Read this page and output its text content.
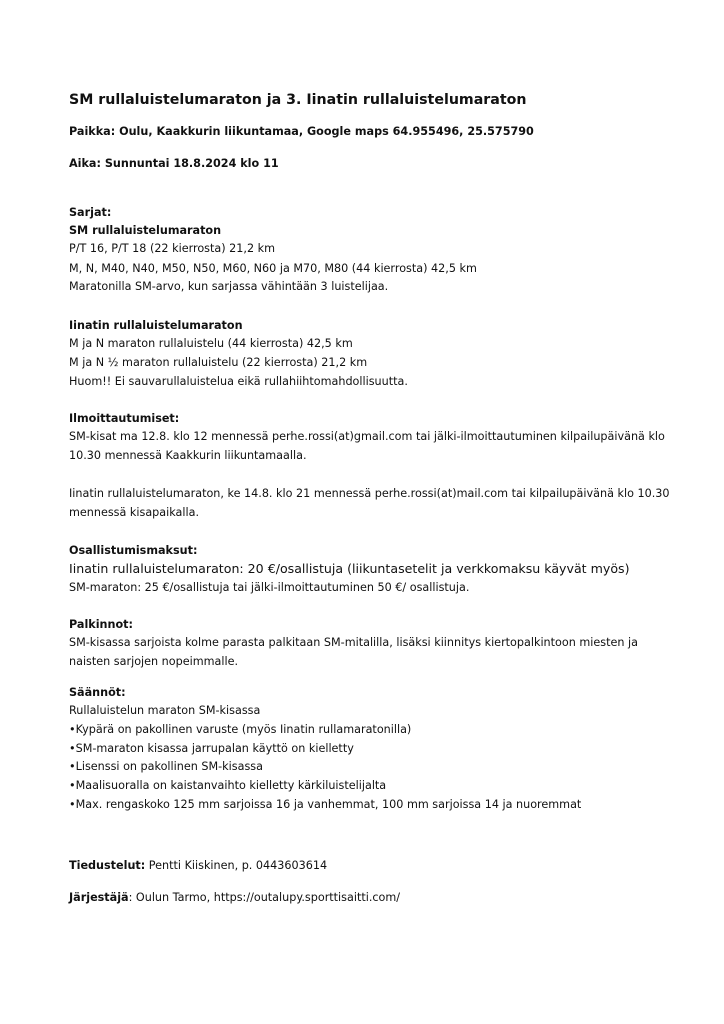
SM rullaluistelumaraton ja 3. Iinatin rullaluistelumaraton
Paikka: Oulu, Kaakkurin liikuntamaa, Google maps 64.955496, 25.575790
Aika: Sunnuntai 18.8.2024 klo 11
Sarjat:
SM rullaluistelumaraton
P/T 16, P/T 18 (22 kierrosta) 21,2 km
M, N, M40, N40, M50, N50, M60, N60 ja M70, M80 (44 kierrosta) 42,5 km
Maratonilla SM-arvo, kun sarjassa vähintään 3 luistelijaa.
Iinatin rullaluistelumaraton
M ja N maraton rullaluistelu (44 kierrosta) 42,5 km
M ja N ½ maraton rullaluistelu (22 kierrosta) 21,2 km
Huom!! Ei sauvarullaluistelua eikä rullahiihtomahdollisuutta.
Ilmoittautumiset:
SM-kisat ma 12.8. klo 12 mennessä perhe.rossi(at)gmail.com tai jälki-ilmoittautuminen kilpailupäivänä klo
10.30 mennessä Kaakkurin liikuntamaalla.
Iinatin rullaluistelumaraton, ke 14.8. klo 21 mennessä perhe.rossi(at)mail.com tai kilpailupäivänä klo 10.30
mennessä kisapaikalla.
Osallistumismaksut:
Iinatin rullaluistelumaraton: 20 €/osallistuja (liikuntasetelit ja verkkomaksu käyvät myös)
SM-maraton: 25 €/osallistuja tai jälki-ilmoittautuminen 50 €/ osallistuja.
Palkinnot:
SM-kisassa sarjoista kolme parasta palkitaan SM-mitalilla, lisäksi kiinnitys kiertopalkintoon miesten ja
naisten sarjojen nopeimmalle.
Säännöt:
Rullaluistelun maraton SM-kisassa
•Kypärä on pakollinen varuste (myös Iinatin rullamaratonilla)
•SM-maraton kisassa jarrupalan käyttö on kielletty
•Lisenssi on pakollinen SM-kisassa
•Maalisuoralla on kaistanvaihto kielletty kärkiluistelijalta
•Max. rengaskoko 125 mm sarjoissa 16 ja vanhemmat, 100 mm sarjoissa 14 ja nuoremmat
Tiedustelut: Pentti Kiiskinen, p. 0443603614
Järjestäjä: Oulun Tarmo, https://outalupy.sporttisaitti.com/
